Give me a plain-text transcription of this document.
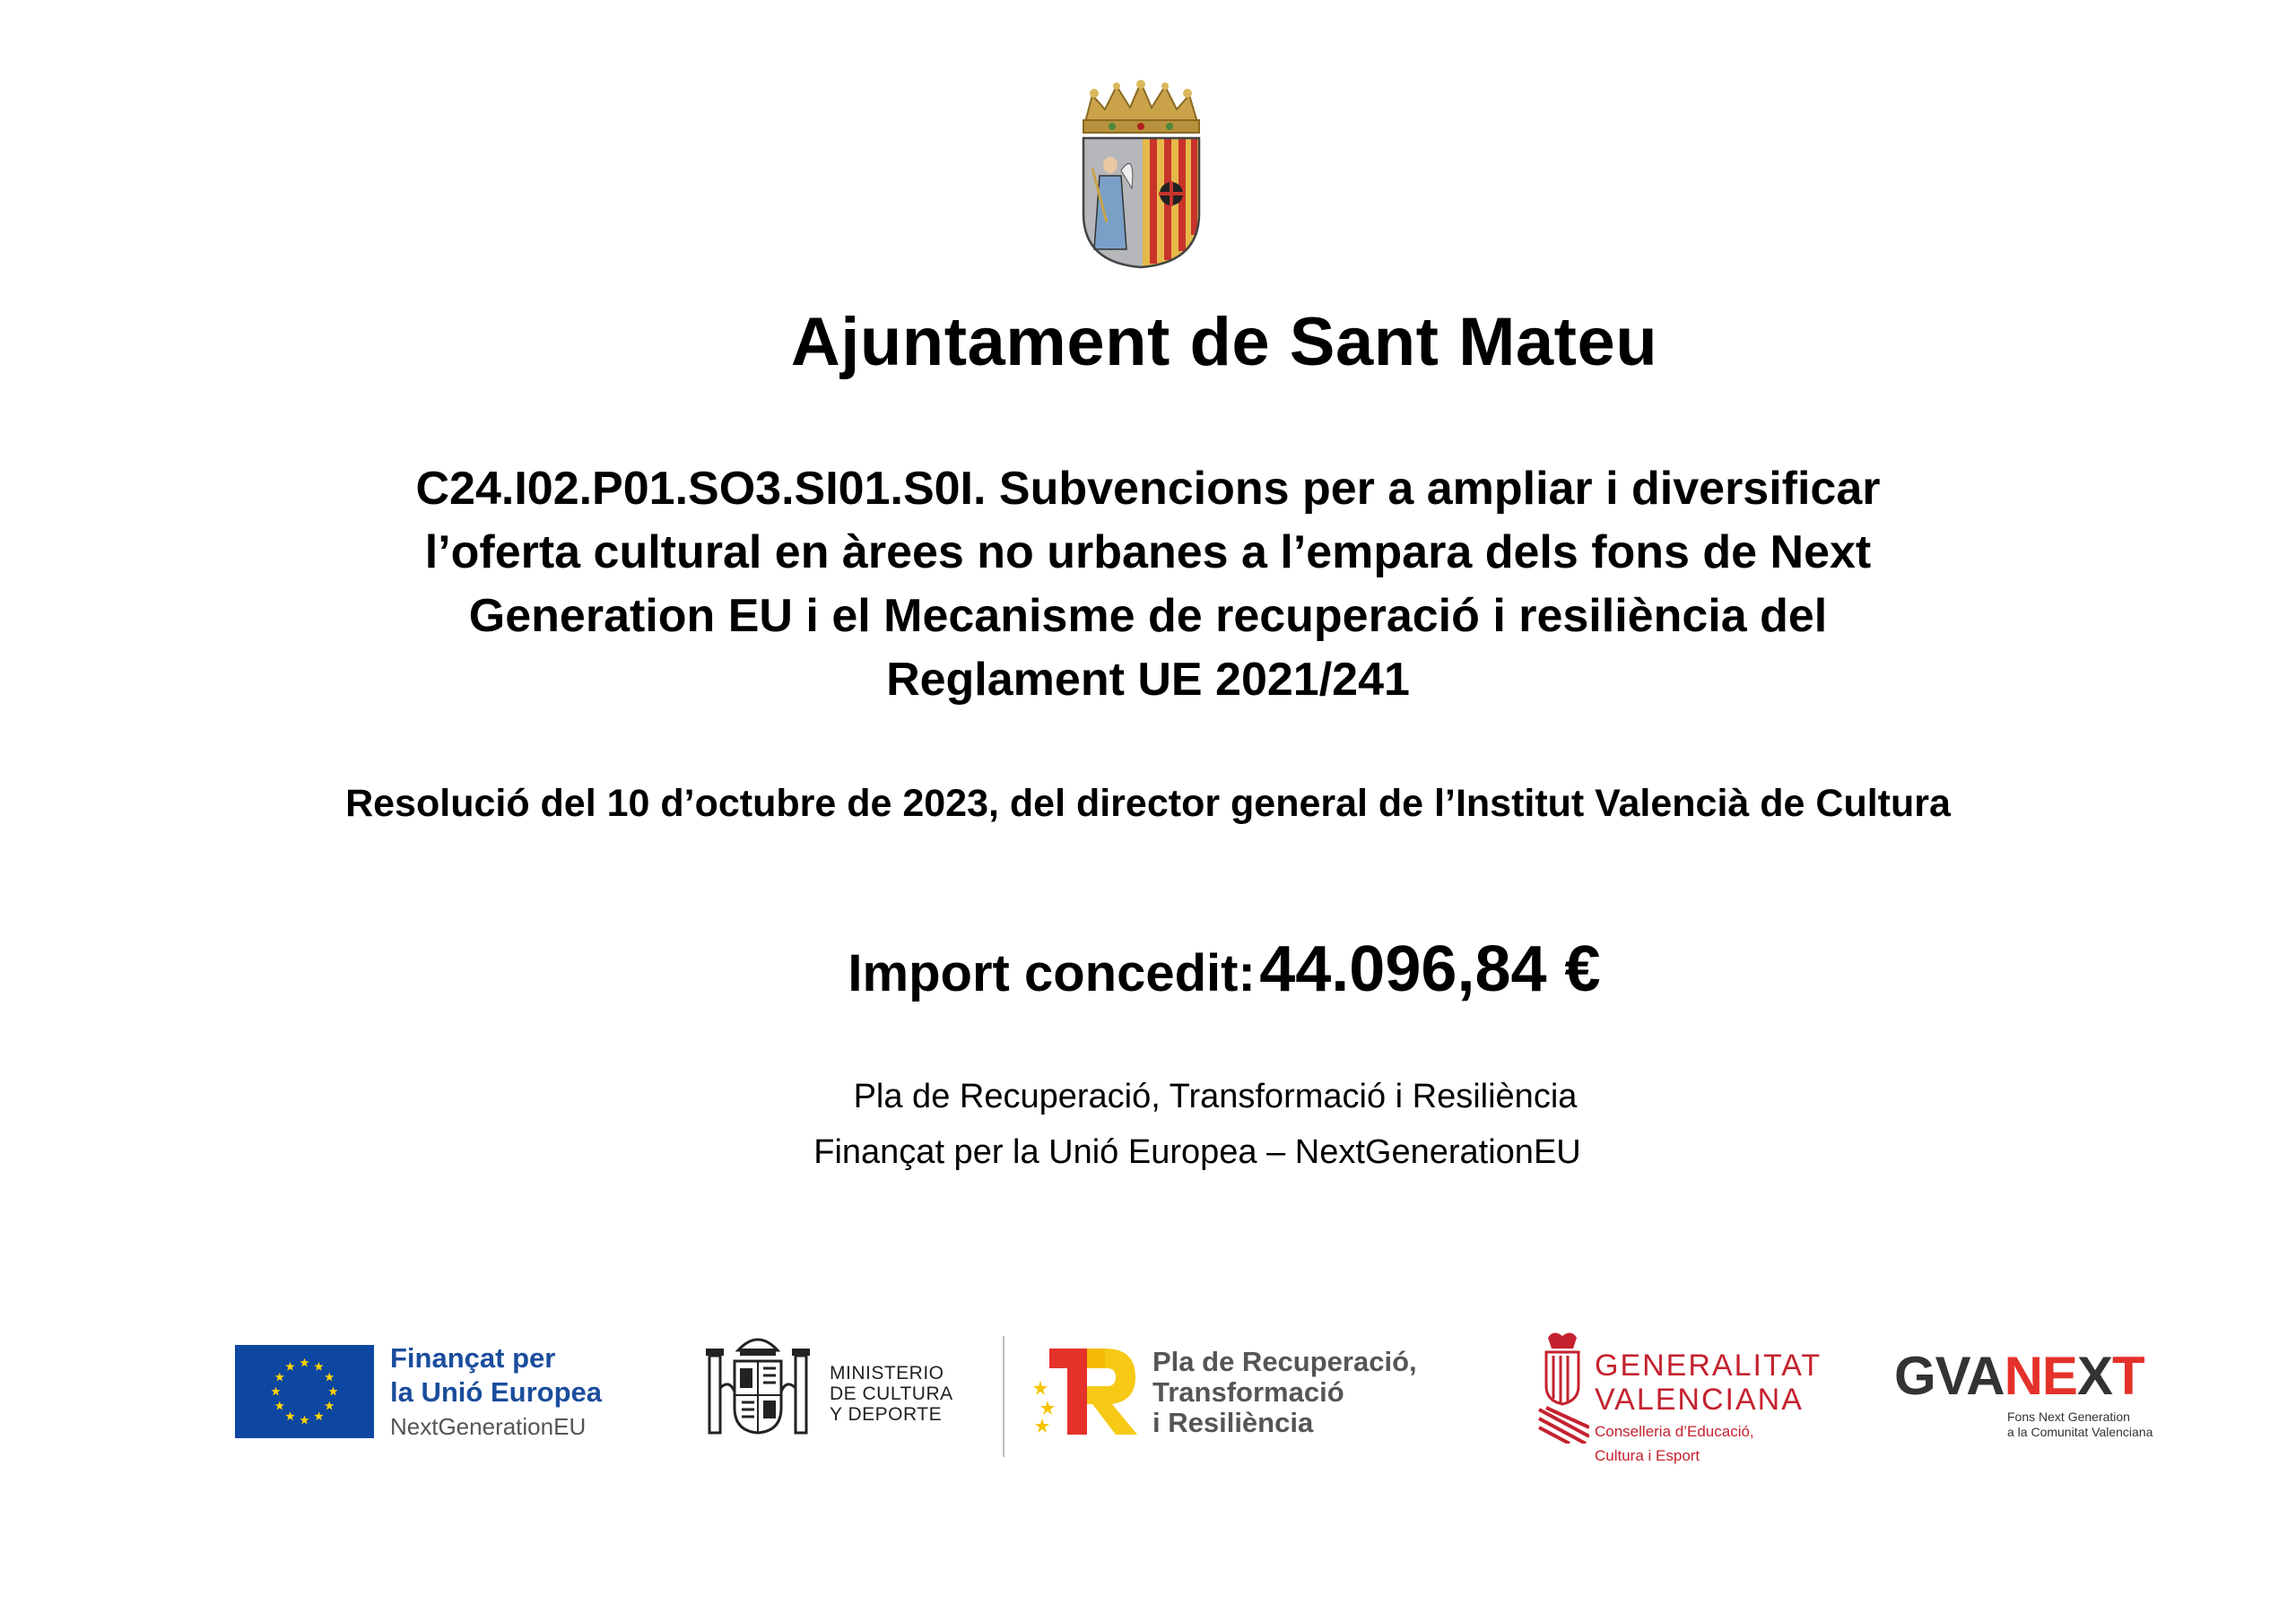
Ajuntament de Sant Mateu
C24.I02.P01.SO3.SI01.S0I. Subvencions per a ampliar i diversificar
l’oferta cultural en àrees no urbanes a l’empara dels fons de Next
Generation EU i el Mecanisme de recuperació i resiliència del
Reglament UE 2021/241
Resolució del 10 d’octubre de 2023, del director general de l’Institut Valencià de Cultura
Import concedit: 44.096,84 €
Pla de Recuperació, Transformació i Resiliència
Finançat per la Unió Europea – NextGenerationEU
Finançat per
la Unió Europea
NextGenerationEU
MINISTERIO
DE CULTURA
Y DEPORTE
Pla de Recuperació,
Transformació
i Resiliència
GENERALITAT
VALENCIANA
Conselleria d’Educació,
Cultura i Esport
GVANEXT
Fons Next Generation
a la Comunitat Valenciana
